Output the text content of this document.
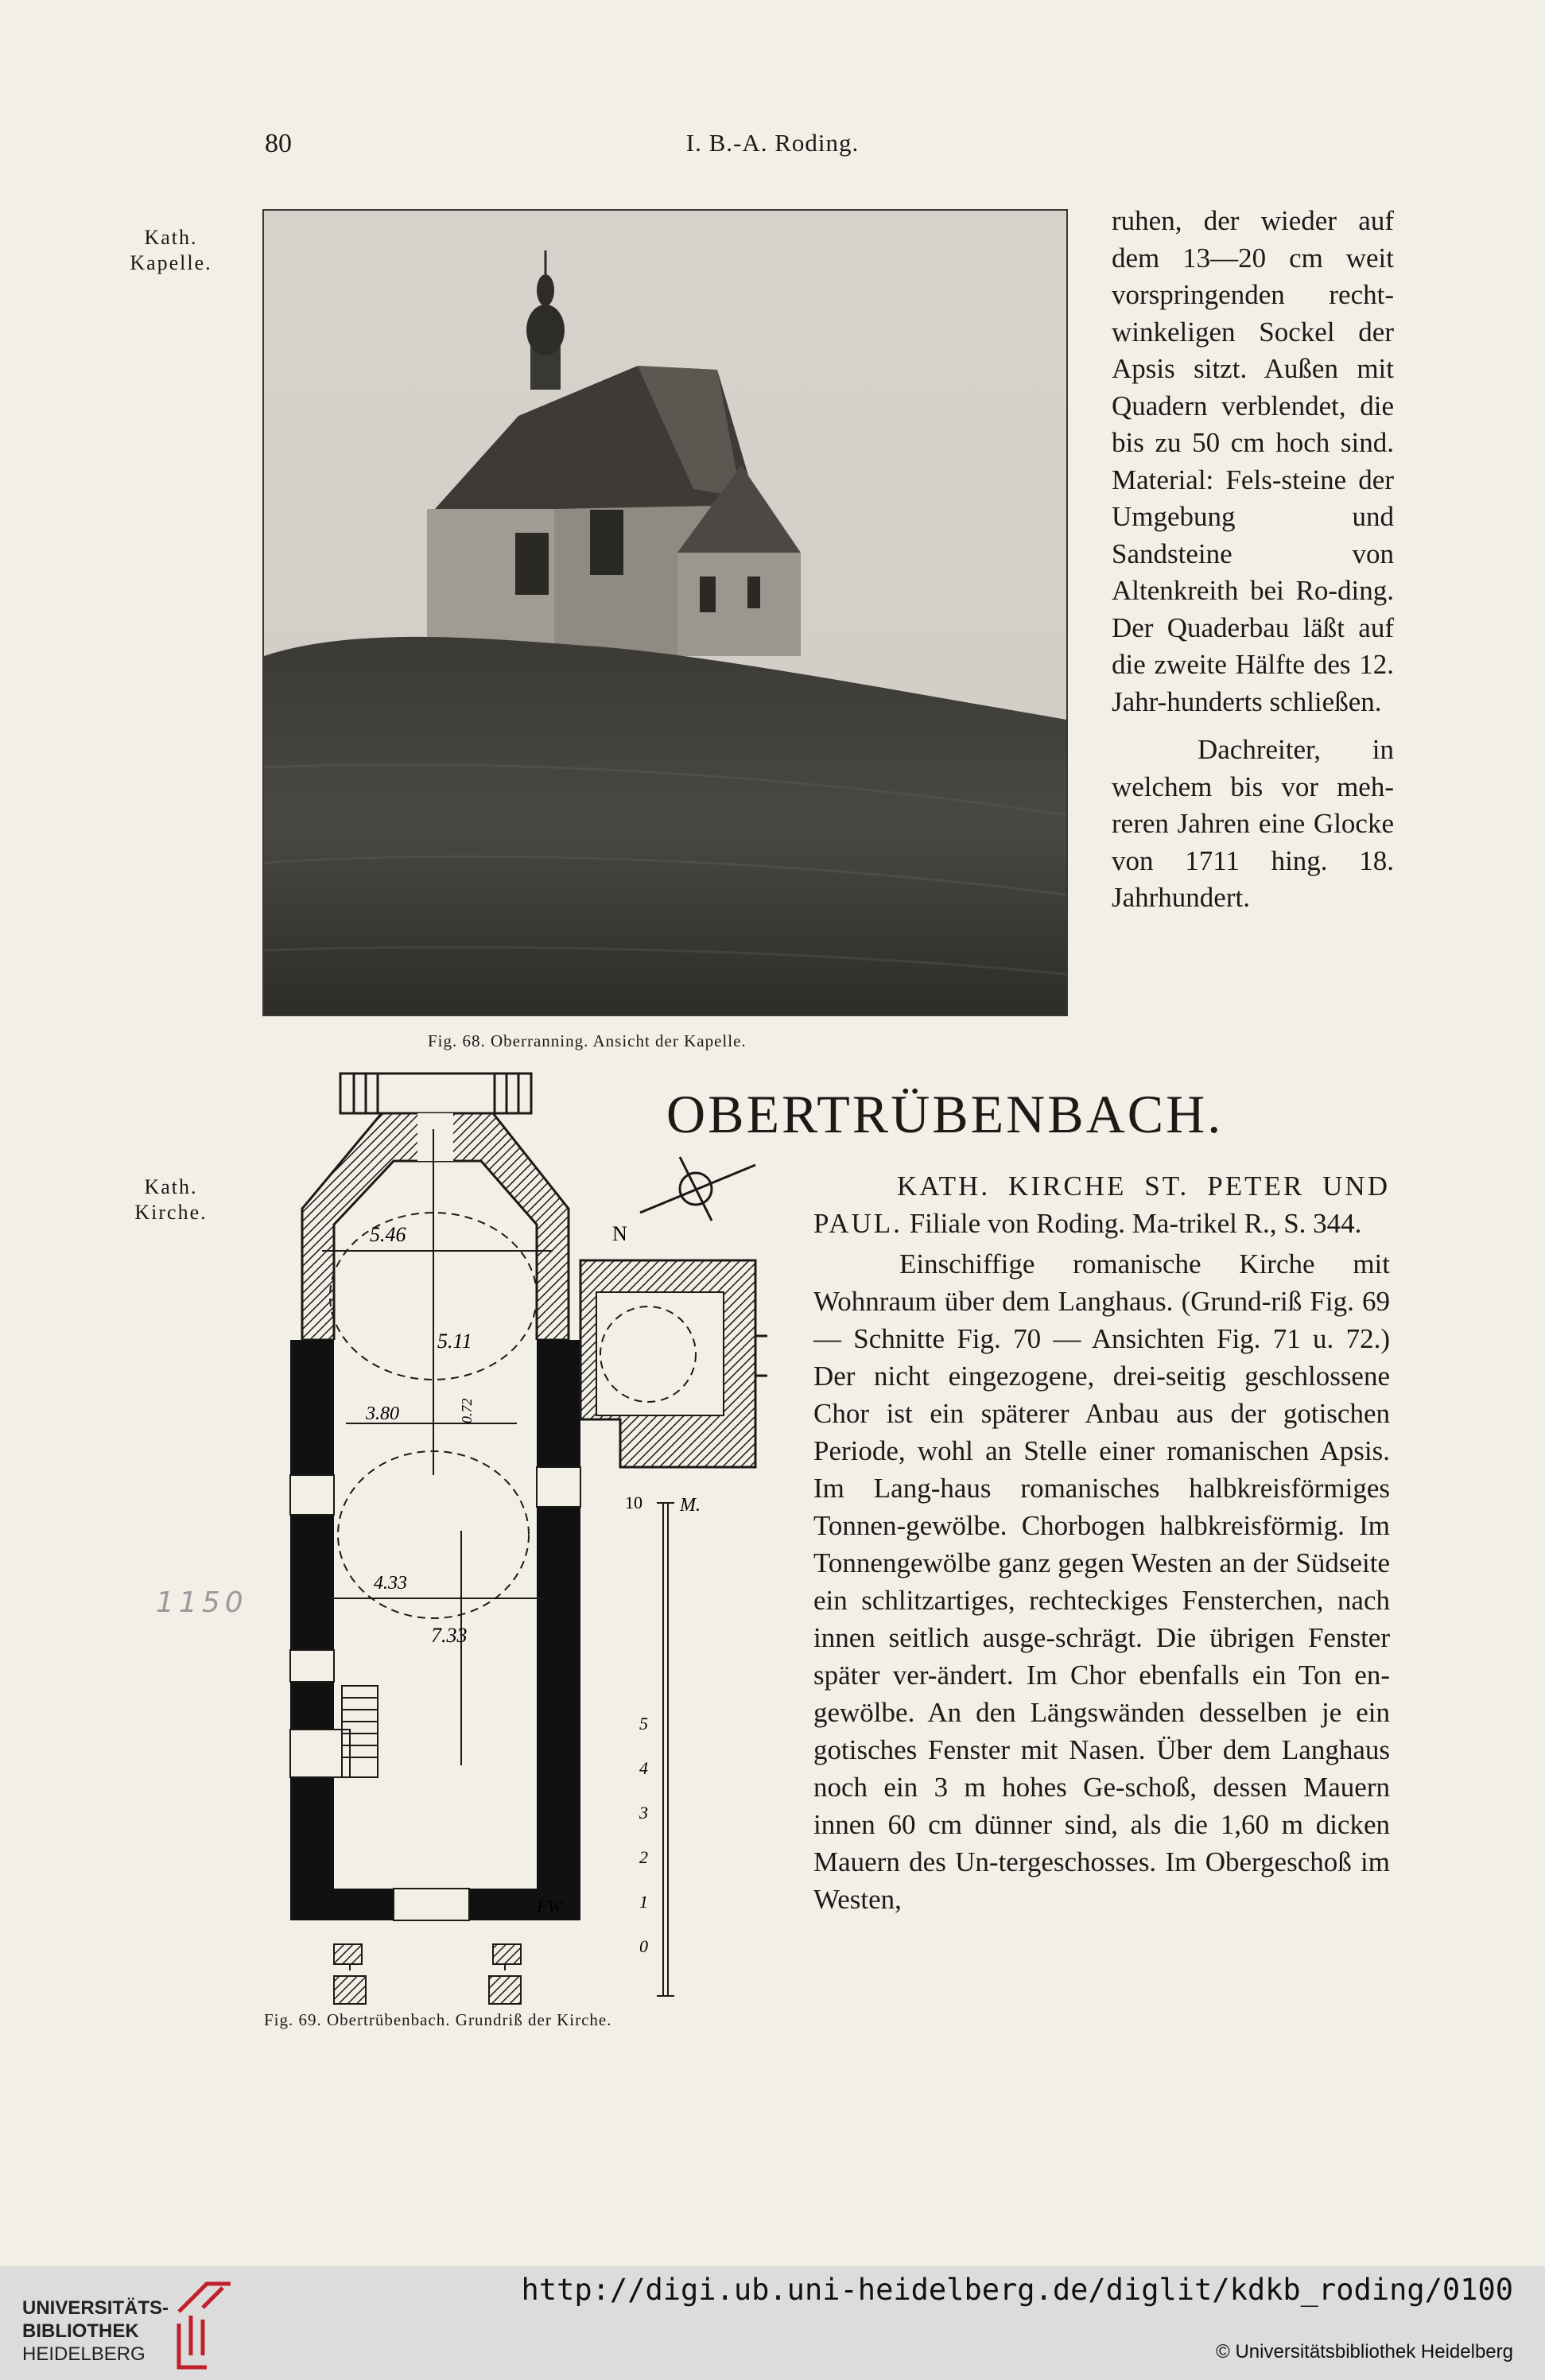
80	I. B.-A. Roding.
Kath.
Kapelle.
Kath.
Kirche.
1150
Fig. 68. Oberranning. Ansicht der Kapelle.

ruhen, der wieder auf dem 13—20 cm weit vorspringenden recht-winkeligen Sockel der Apsis sitzt. Außen mit Quadern verblendet, die bis zu 50 cm hoch sind. Material: Fels-steine der Umgebung und Sandsteine von Altenkreith bei Ro-ding. Der Quaderbau läßt auf die zweite Hälfte des 12. Jahr-hunderts schließen.

Dachreiter, in welchem bis vor meh-reren Jahren eine Glocke von 1711 hing. 18. Jahrhundert.

OBERTRÜBENBACH.
5.46
5.11
3.80	0.72
4.33
7.33
N
10 M.
5
4
3
2
1
0
FW
Fig. 69. Obertrübenbach. Grundriß der Kirche.

KATH. KIRCHE ST. PETER UND PAUL. Filiale von Roding. Ma-trikel R., S. 344.

Einschiffige romanische Kirche mit Wohnraum über dem Langhaus. (Grund-riß Fig. 69 — Schnitte Fig. 70 — Ansichten Fig. 71 u. 72.) Der nicht eingezogene, drei-seitig geschlossene Chor ist ein späterer Anbau aus der gotischen Periode, wohl an Stelle einer romanischen Apsis. Im Lang-haus romanisches halbkreisförmiges Tonnen-gewölbe. Chorbogen halbkreisförmig. Im Tonnengewölbe ganz gegen Westen an der Südseite ein schlitzartiges, rechteckiges Fensterchen, nach innen seitlich ausge-schrägt. Die übrigen Fenster später ver-ändert. Im Chor ebenfalls ein Ton en-gewölbe. An den Längswänden desselben je ein gotisches Fenster mit Nasen. Über dem Langhaus noch ein 3 m hohes Ge-schoß, dessen Mauern innen 60 cm dünner sind, als die 1,60 m dicken Mauern des Un-tergeschosses. Im Obergeschoß im Westen,

UNIVERSITÄTS-
BIBLIOTHEK
HEIDELBERG
http://digi.ub.uni-heidelberg.de/diglit/kdkb_roding/0100
© Universitätsbibliothek Heidelberg
